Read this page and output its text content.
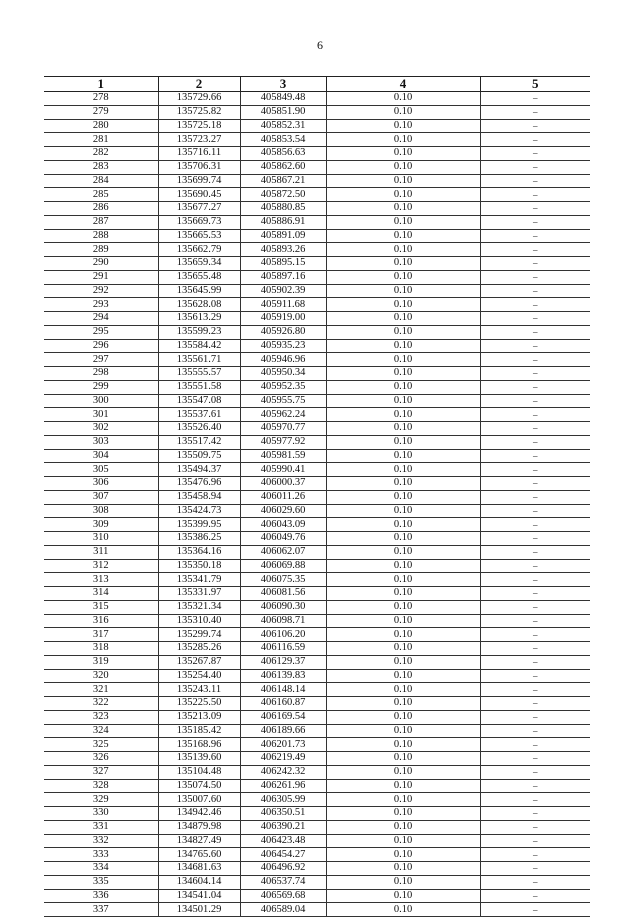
6
1	2	3	4	5
278	135729.66	405849.48	0.10	–
279	135725.82	405851.90	0.10	–
280	135725.18	405852.31	0.10	–
281	135723.27	405853.54	0.10	–
282	135716.11	405856.63	0.10	–
283	135706.31	405862.60	0.10	–
284	135699.74	405867.21	0.10	–
285	135690.45	405872.50	0.10	–
286	135677.27	405880.85	0.10	–
287	135669.73	405886.91	0.10	–
288	135665.53	405891.09	0.10	–
289	135662.79	405893.26	0.10	–
290	135659.34	405895.15	0.10	–
291	135655.48	405897.16	0.10	–
292	135645.99	405902.39	0.10	–
293	135628.08	405911.68	0.10	–
294	135613.29	405919.00	0.10	–
295	135599.23	405926.80	0.10	–
296	135584.42	405935.23	0.10	–
297	135561.71	405946.96	0.10	–
298	135555.57	405950.34	0.10	–
299	135551.58	405952.35	0.10	–
300	135547.08	405955.75	0.10	–
301	135537.61	405962.24	0.10	–
302	135526.40	405970.77	0.10	–
303	135517.42	405977.92	0.10	–
304	135509.75	405981.59	0.10	–
305	135494.37	405990.41	0.10	–
306	135476.96	406000.37	0.10	–
307	135458.94	406011.26	0.10	–
308	135424.73	406029.60	0.10	–
309	135399.95	406043.09	0.10	–
310	135386.25	406049.76	0.10	–
311	135364.16	406062.07	0.10	–
312	135350.18	406069.88	0.10	–
313	135341.79	406075.35	0.10	–
314	135331.97	406081.56	0.10	–
315	135321.34	406090.30	0.10	–
316	135310.40	406098.71	0.10	–
317	135299.74	406106.20	0.10	–
318	135285.26	406116.59	0.10	–
319	135267.87	406129.37	0.10	–
320	135254.40	406139.83	0.10	–
321	135243.11	406148.14	0.10	–
322	135225.50	406160.87	0.10	–
323	135213.09	406169.54	0.10	–
324	135185.42	406189.66	0.10	–
325	135168.96	406201.73	0.10	–
326	135139.60	406219.49	0.10	–
327	135104.48	406242.32	0.10	–
328	135074.50	406261.96	0.10	–
329	135007.60	406305.99	0.10	–
330	134942.46	406350.51	0.10	–
331	134879.98	406390.21	0.10	–
332	134827.49	406423.48	0.10	–
333	134765.60	406454.27	0.10	–
334	134681.63	406496.92	0.10	–
335	134604.14	406537.74	0.10	–
336	134541.04	406569.68	0.10	–
337	134501.29	406589.04	0.10	–
